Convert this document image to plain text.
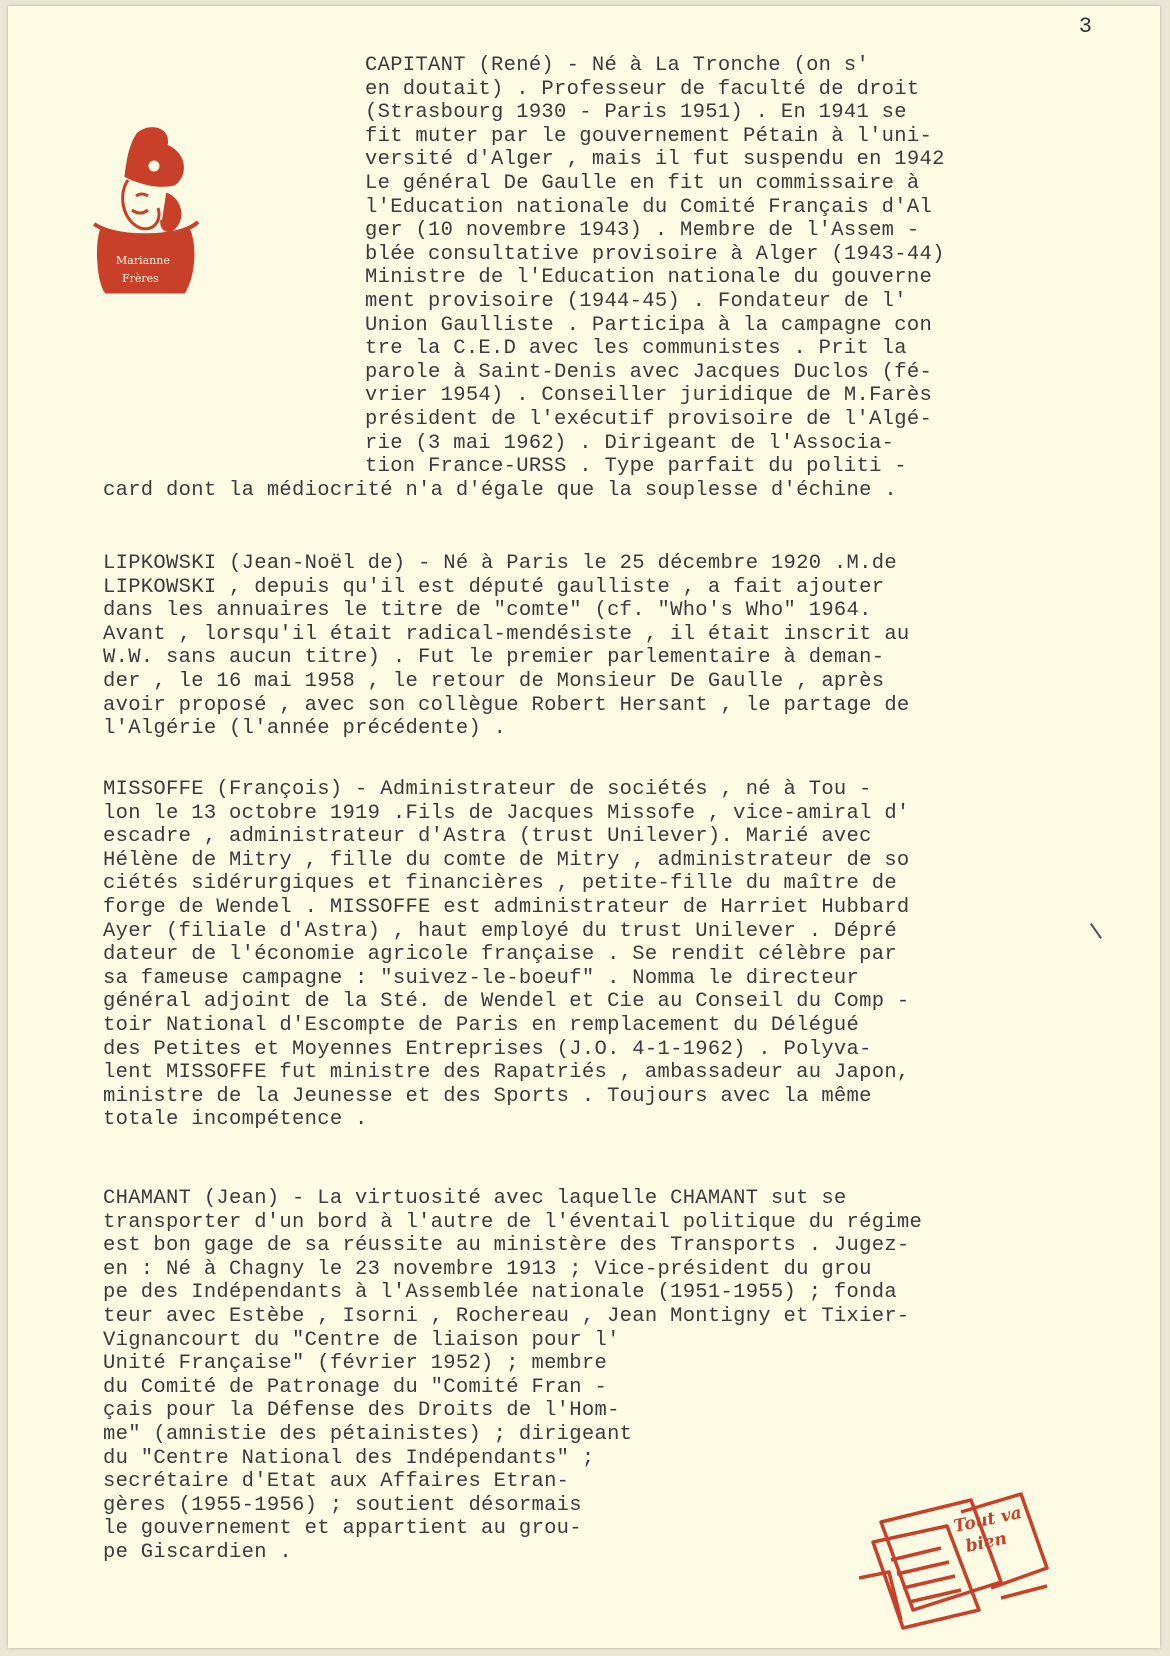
3
Marianne
Frères

CAPITANT (René) - Né à La Tronche (on s'

en doutait) . Professeur de faculté de droit

(Strasbourg 1930 - Paris 1951) . En 1941 se

fit muter par le gouvernement Pétain à l'uni-

versité d'Alger , mais il fut suspendu en 1942

Le général De Gaulle en fit un commissaire à

l'Education nationale du Comité Français d'Al

ger (10 novembre 1943) . Membre de l'Assem -

blée consultative provisoire à Alger (1943-44)

Ministre de l'Education nationale du gouverne

ment provisoire (1944-45) . Fondateur de l'

Union Gaulliste . Participa à la campagne con

tre la C.E.D avec les communistes . Prit la

parole à Saint-Denis avec Jacques Duclos (fé-

vrier 1954) . Conseiller juridique de M.Farès

président de l'exécutif provisoire de l'Algé-

rie (3 mai 1962) . Dirigeant de l'Associa-

tion France-URSS . Type parfait du politi -

card dont la médiocrité n'a d'égale que la souplesse d'échine .

LIPKOWSKI (Jean-Noël de) - Né à Paris le 25 décembre 1920 .M.de

LIPKOWSKI , depuis qu'il est député gaulliste , a fait ajouter

dans les annuaires le titre de "comte" (cf. "Who's Who" 1964.

Avant , lorsqu'il était radical-mendésiste , il était inscrit au

W.W. sans aucun titre) . Fut le premier parlementaire à deman-

der , le 16 mai 1958 , le retour de Monsieur De Gaulle , après

avoir proposé , avec son collègue Robert Hersant , le partage de

l'Algérie (l'année précédente) .

MISSOFFE (François) - Administrateur de sociétés , né à Tou -

lon le 13 octobre 1919 .Fils de Jacques Missofe , vice-amiral d'

escadre , administrateur d'Astra (trust Unilever). Marié avec

Hélène de Mitry , fille du comte de Mitry , administrateur de so

ciétés sidérurgiques et financières , petite-fille du maître de

forge de Wendel . MISSOFFE est administrateur de Harriet Hubbard

Ayer (filiale d'Astra) , haut employé du trust Unilever . Dépré

dateur de l'économie agricole française . Se rendit célèbre par

sa fameuse campagne : "suivez-le-boeuf" . Nomma le directeur

général adjoint de la Sté. de Wendel et Cie au Conseil du Comp -

toir National d'Escompte de Paris en remplacement du Délégué

des Petites et Moyennes Entreprises (J.O. 4-1-1962) . Polyva-

lent MISSOFFE fut ministre des Rapatriés , ambassadeur au Japon,

ministre de la Jeunesse et des Sports . Toujours avec la même

totale incompétence .

CHAMANT (Jean) - La virtuosité avec laquelle CHAMANT sut se

transporter d'un bord à l'autre de l'éventail politique du régime

est bon gage de sa réussite au ministère des Transports . Jugez-

en : Né à Chagny le 23 novembre 1913 ; Vice-président du grou

pe des Indépendants à l'Assemblée nationale (1951-1955) ; fonda

teur avec Estèbe , Isorni , Rochereau , Jean Montigny et Tixier-

Vignancourt du "Centre de liaison pour l'

Unité Française" (février 1952) ; membre

du Comité de Patronage du "Comité Fran -

çais pour la Défense des Droits de l'Hom-

me" (amnistie des pétainistes) ; dirigeant

du "Centre National des Indépendants" ;

secrétaire d'Etat aux Affaires Etran-

gères (1955-1956) ; soutient désormais

le gouvernement et appartient au grou-

pe Giscardien .

Tout va
bien
